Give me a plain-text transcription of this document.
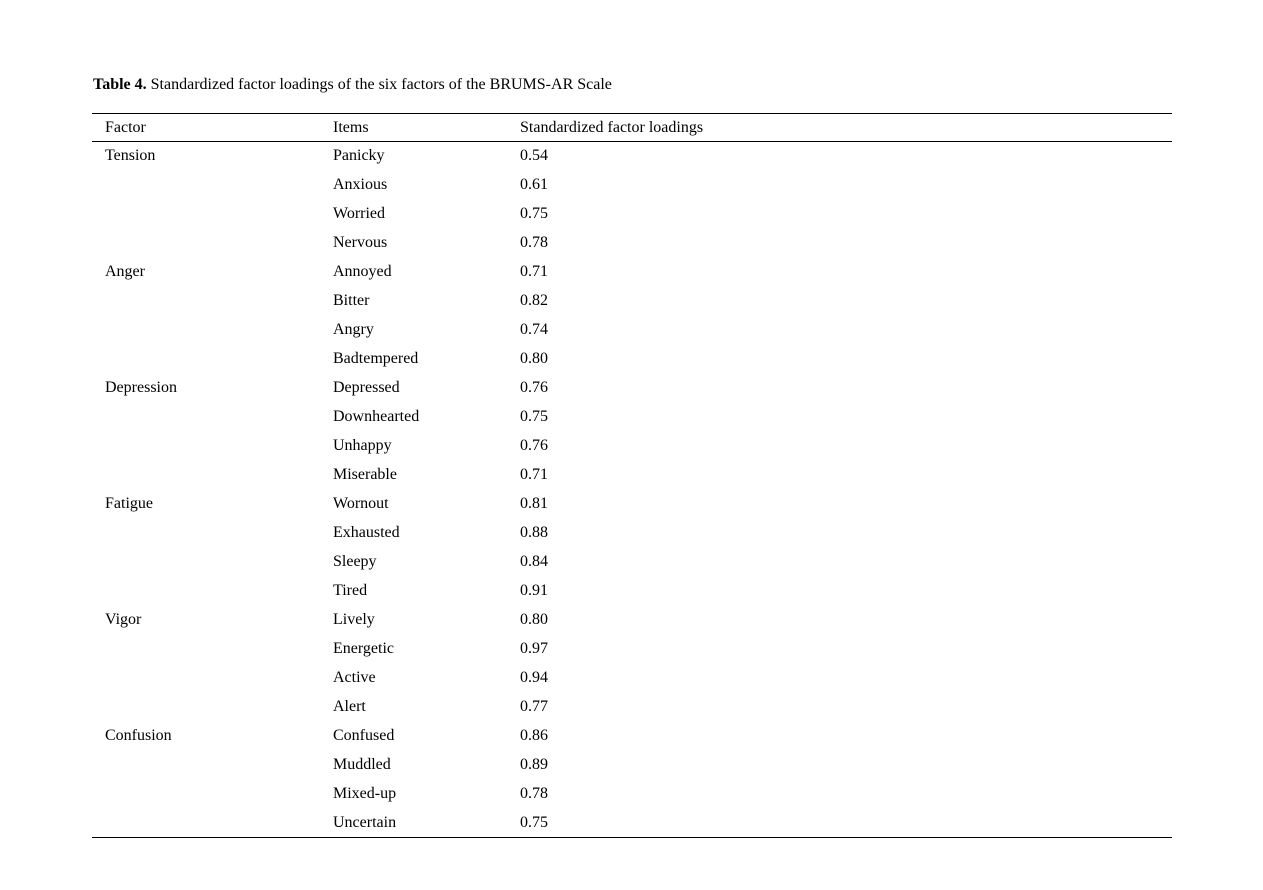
Table 4. Standardized factor loadings of the six factors of the BRUMS-AR Scale
Factor	Items	Standardized factor loadings
Tension	Panicky	0.54
	Anxious	0.61
	Worried	0.75
	Nervous	0.78
Anger	Annoyed	0.71
	Bitter	0.82
	Angry	0.74
	Badtempered	0.80
Depression	Depressed	0.76
	Downhearted	0.75
	Unhappy	0.76
	Miserable	0.71
Fatigue	Wornout	0.81
	Exhausted	0.88
	Sleepy	0.84
	Tired	0.91
Vigor	Lively	0.80
	Energetic	0.97
	Active	0.94
	Alert	0.77
Confusion	Confused	0.86
	Muddled	0.89
	Mixed-up	0.78
	Uncertain	0.75
